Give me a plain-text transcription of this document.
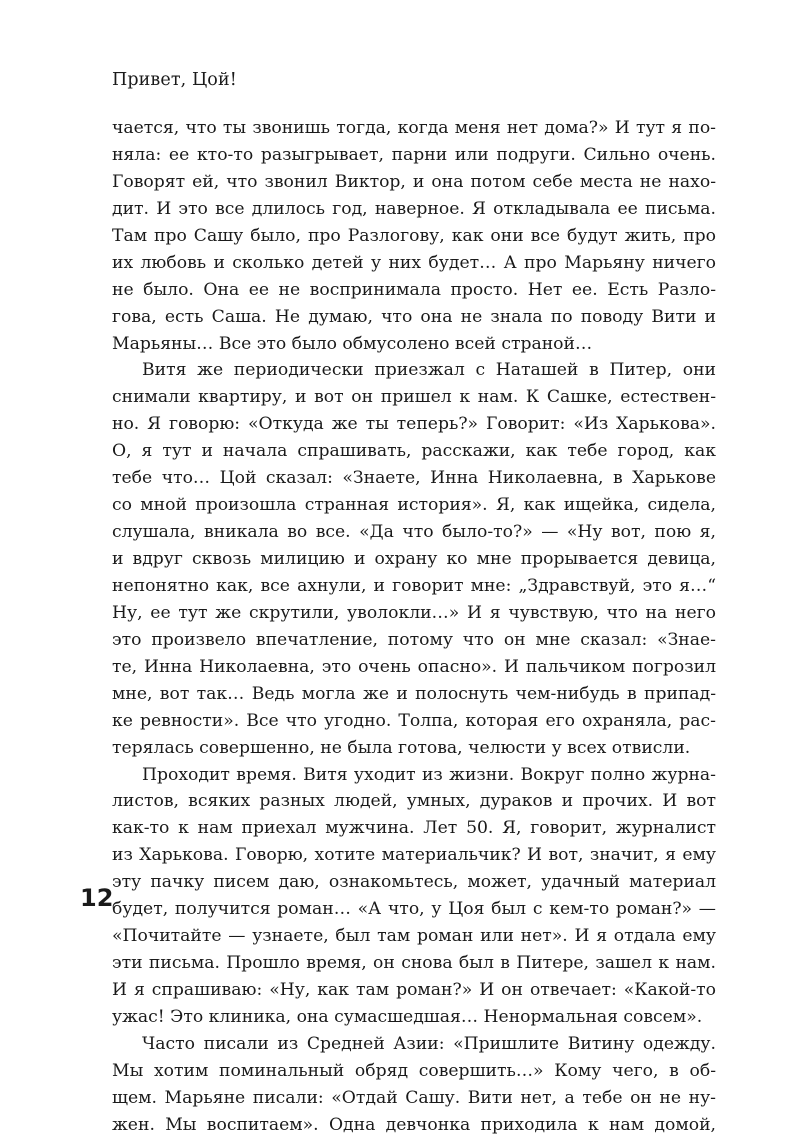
Привет, Цой!
чается, что ты звонишь тогда, когда меня нет дома?» И тут я по-
няла: ее кто-то разыгрывает, парни или подруги. Сильно очень.
Говорят ей, что звонил Виктор, и она потом себе места не нахо-
дит. И это все длилось год, наверное. Я откладывала ее письма.
Там про Сашу было, про Разлогову, как они все будут жить, про
их любовь и сколько детей у них будет… А про Марьяну ничего
не было. Она ее не воспринимала просто. Нет ее. Есть Разло-
гова, есть Саша. Не думаю, что она не знала по поводу Вити и
Марьяны… Все это было обмусолено всей страной…
Витя же периодически приезжал с Наташей в Питер, они
снимали квартиру, и вот он пришел к нам. К Сашке, естествен-
но. Я говорю: «Откуда же ты теперь?» Говорит: «Из Харькова».
О, я тут и начала спрашивать, расскажи, как тебе город, как
тебе что… Цой сказал: «Знаете, Инна Николаевна, в Харькове
со мной произошла странная история». Я, как ищейка, сидела,
слушала, вникала во все. «Да что было-то?» — «Ну вот, пою я,
и вдруг сквозь милицию и охрану ко мне прорывается девица,
непонятно как, все ахнули, и говорит мне: „Здравствуй, это я…“
Ну, ее тут же скрутили, уволокли…» И я чувствую, что на него
это произвело впечатление, потому что он мне сказал: «Знае-
те, Инна Николаевна, это очень опасно». И пальчиком погрозил
мне, вот так… Ведь могла же и полоснуть чем-нибудь в припад-
ке ревности». Все что угодно. Толпа, которая его охраняла, рас-
терялась совершенно, не была готова, челюсти у всех отвисли.
Проходит время. Витя уходит из жизни. Вокруг полно журна-
листов, всяких разных людей, умных, дураков и прочих. И вот
как-то к нам приехал мужчина. Лет 50. Я, говорит, журналист
из Харькова. Говорю, хотите материальчик? И вот, значит, я ему
эту пачку писем даю, ознакомьтесь, может, удачный материал
будет, получится роман… «А что, у Цоя был с кем-то роман?» —
«Почитайте — узнаете, был там роман или нет». И я отдала ему
эти письма. Прошло время, он снова был в Питере, зашел к нам.
И я спрашиваю: «Ну, как там роман?» И он отвечает: «Какой-то
ужас! Это клиника, она сумасшедшая… Ненормальная совсем».
Часто писали из Средней Азии: «Пришлите Витину одежду.
Мы хотим поминальный обряд совершить…» Кому чего, в об-
щем. Марьяне писали: «Отдай Сашу. Вити нет, а тебе он не ну-
жен. Мы воспитаем». Одна девчонка приходила к нам домой,
12
